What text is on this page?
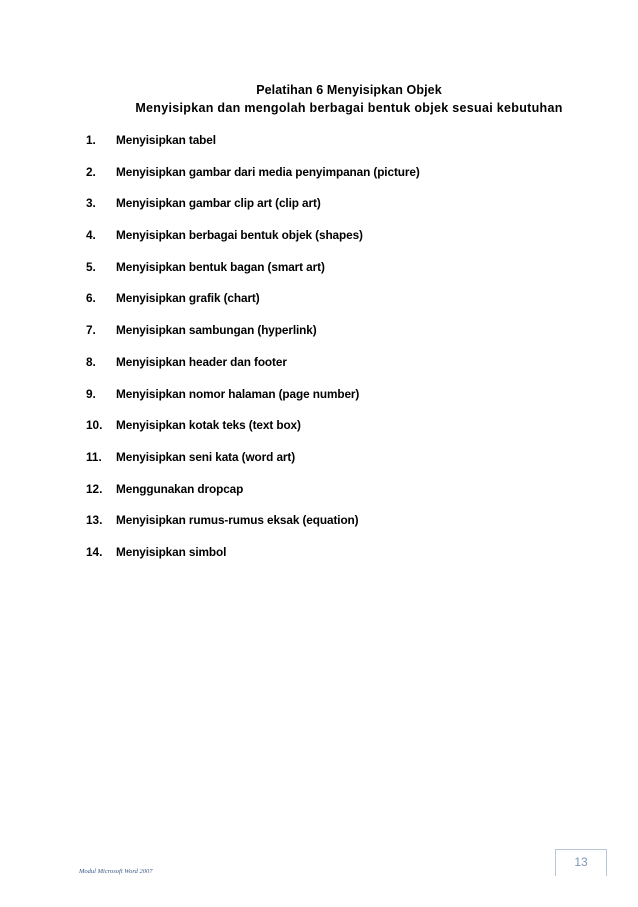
Pelatihan 6 Menyisipkan Objek
Menyisipkan dan mengolah berbagai bentuk objek sesuai kebutuhan
1. Menyisipkan tabel
2. Menyisipkan gambar dari media penyimpanan (picture)
3. Menyisipkan gambar clip art (clip art)
4. Menyisipkan berbagai bentuk objek (shapes)
5. Menyisipkan bentuk bagan (smart art)
6. Menyisipkan grafik (chart)
7. Menyisipkan sambungan (hyperlink)
8. Menyisipkan header dan footer
9. Menyisipkan nomor halaman (page number)
10. Menyisipkan kotak teks (text box)
11. Menyisipkan seni kata (word art)
12. Menggunakan dropcap
13. Menyisipkan rumus-rumus eksak (equation)
14. Menyisipkan simbol
13
Modul Microsoft Word 2007
